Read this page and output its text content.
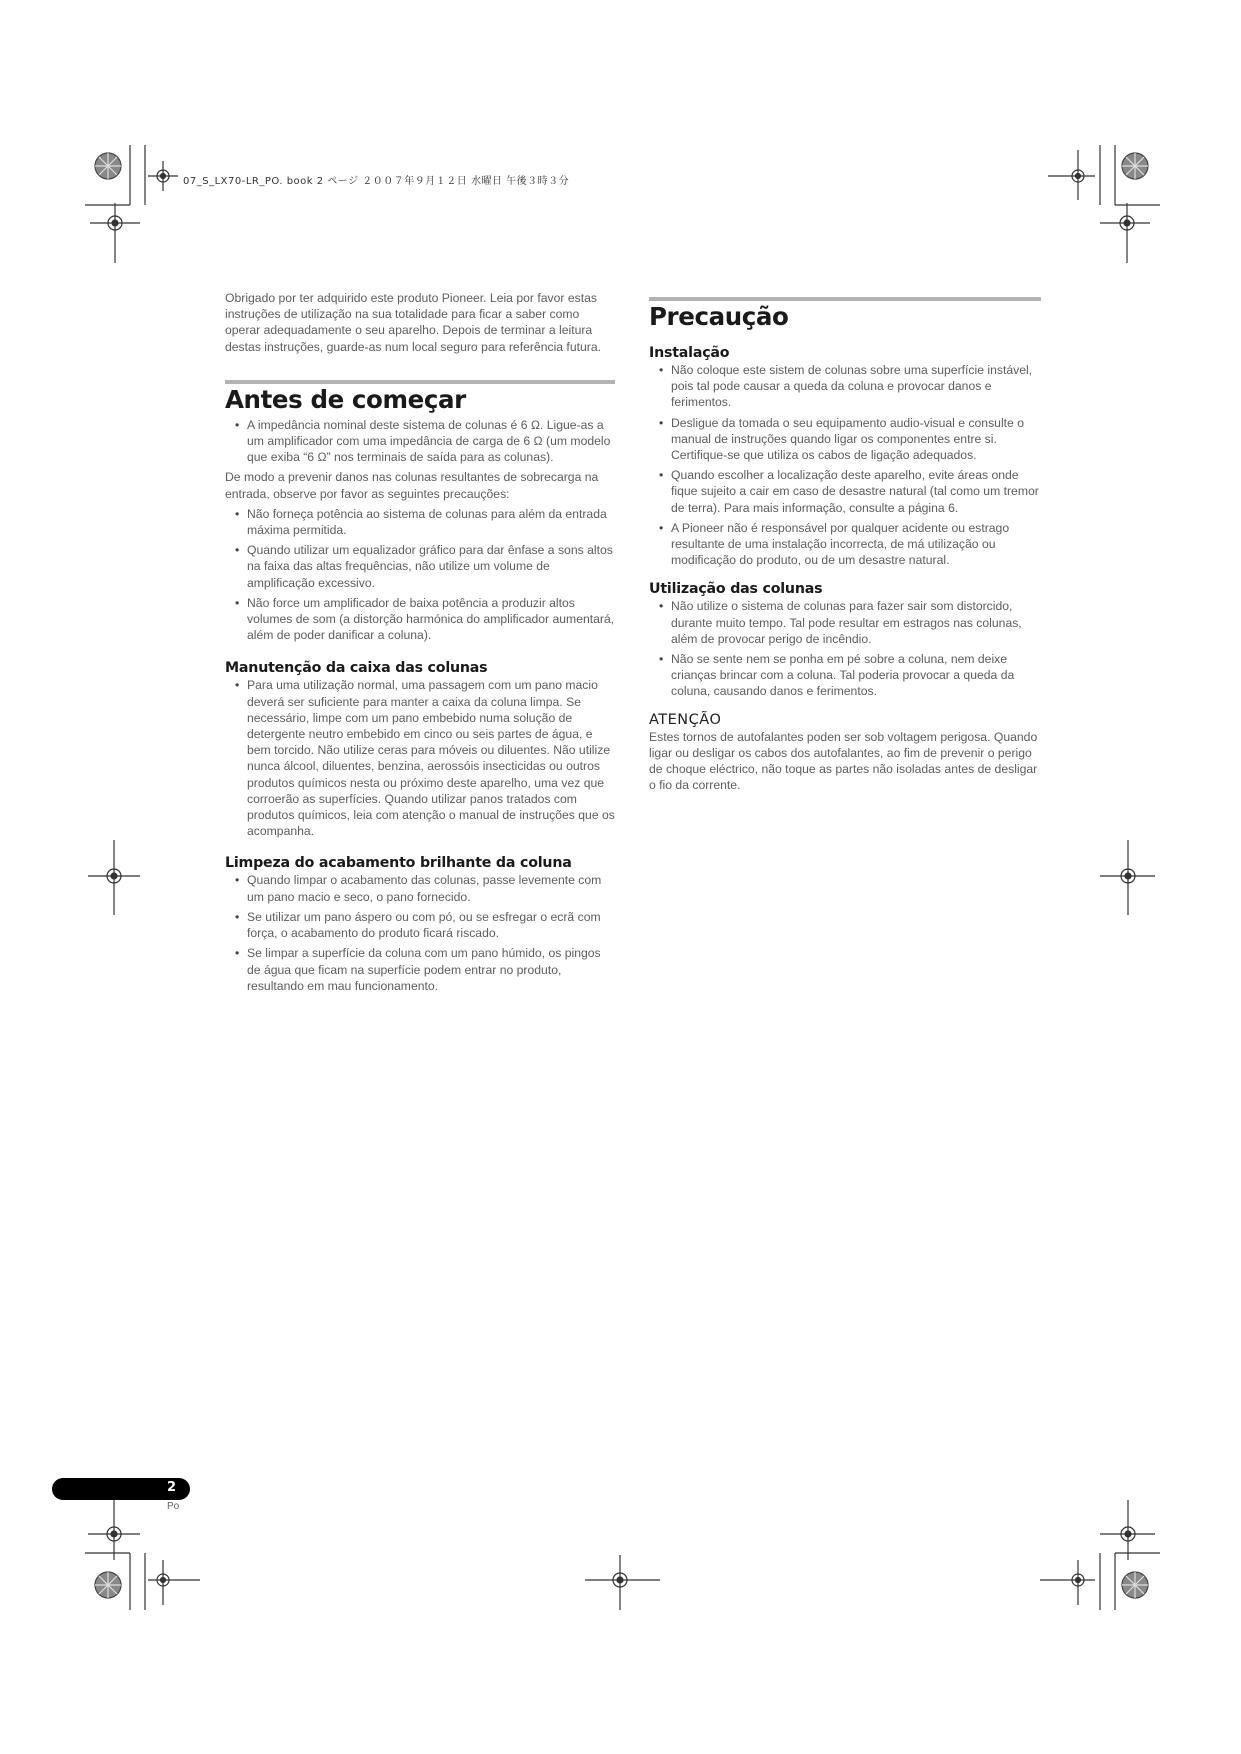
07_S_LX70-LR_PO. book 2 ページ ２００７年９月１２日 水曜日 午後３時３分

Obrigado por ter adquirido este produto Pioneer. Leia por favor estas instruções de utilização na sua totalidade para ficar a saber como operar adequadamente o seu aparelho. Depois de terminar a leitura destas instruções, guarde-as num local seguro para referência futura.

Antes de começar
• A impedância nominal deste sistema de colunas é 6 Ω. Ligue-as a um amplificador com uma impedância de carga de 6 Ω (um modelo que exiba “6 Ω” nos terminais de saída para as colunas).

De modo a prevenir danos nas colunas resultantes de sobrecarga na entrada, observe por favor as seguintes precauções:

• Não forneça potência ao sistema de colunas para além da entrada máxima permitida.
• Quando utilizar um equalizador gráfico para dar ênfase a sons altos na faixa das altas frequências, não utilize um volume de amplificação excessivo.
• Não force um amplificador de baixa potência a produzir altos volumes de som (a distorção harmónica do amplificador aumentará, além de poder danificar a coluna).
Manutenção da caixa das colunas
• Para uma utilização normal, uma passagem com um pano macio deverá ser suficiente para manter a caixa da coluna limpa. Se necessário, limpe com um pano embebido numa solução de detergente neutro embebido em cinco ou seis partes de água, e bem torcido. Não utilize ceras para móveis ou diluentes. Não utilize nunca álcool, diluentes, benzina, aerossóis insecticidas ou outros produtos químicos nesta ou próximo deste aparelho, uma vez que corroerão as superfícies. Quando utilizar panos tratados com produtos químicos, leia com atenção o manual de instruções que os acompanha.
Limpeza do acabamento brilhante da coluna
• Quando limpar o acabamento das colunas, passe levemente com um pano macio e seco, o pano fornecido.
• Se utilizar um pano áspero ou com pó, ou se esfregar o ecrã com força, o acabamento do produto ficará riscado.
• Se limpar a superfície da coluna com um pano húmido, os pingos de água que ficam na superfície podem entrar no produto, resultando em mau funcionamento.
Precaução
Instalação
• Não coloque este sistem de colunas sobre uma superfície instável, pois tal pode causar a queda da coluna e provocar danos e ferimentos.
• Desligue da tomada o seu equipamento audio-visual e consulte o manual de instruções quando ligar os componentes entre si. Certifique-se que utiliza os cabos de ligação adequados.
• Quando escolher a localização deste aparelho, evite áreas onde fique sujeito a cair em caso de desastre natural (tal como um tremor de terra). Para mais informação, consulte a página 6.
• A Pioneer não é responsável por qualquer acidente ou estrago resultante de uma instalação incorrecta, de má utilização ou modificação do produto, ou de um desastre natural.
Utilização das colunas
• Não utilize o sistema de colunas para fazer sair som distorcido, durante muito tempo. Tal pode resultar em estragos nas colunas, além de provocar perigo de incêndio.
• Não se sente nem se ponha em pé sobre a coluna, nem deixe crianças brincar com a coluna. Tal poderia provocar a queda da coluna, causando danos e ferimentos.
ATENÇÃO

Estes tornos de autofalantes poden ser sob voltagem perigosa. Quando ligar ou desligar os cabos dos autofalantes, ao fim de prevenir o perigo de choque eléctrico, não toque as partes não isoladas antes de desligar o fio da corrente.

2
Po
